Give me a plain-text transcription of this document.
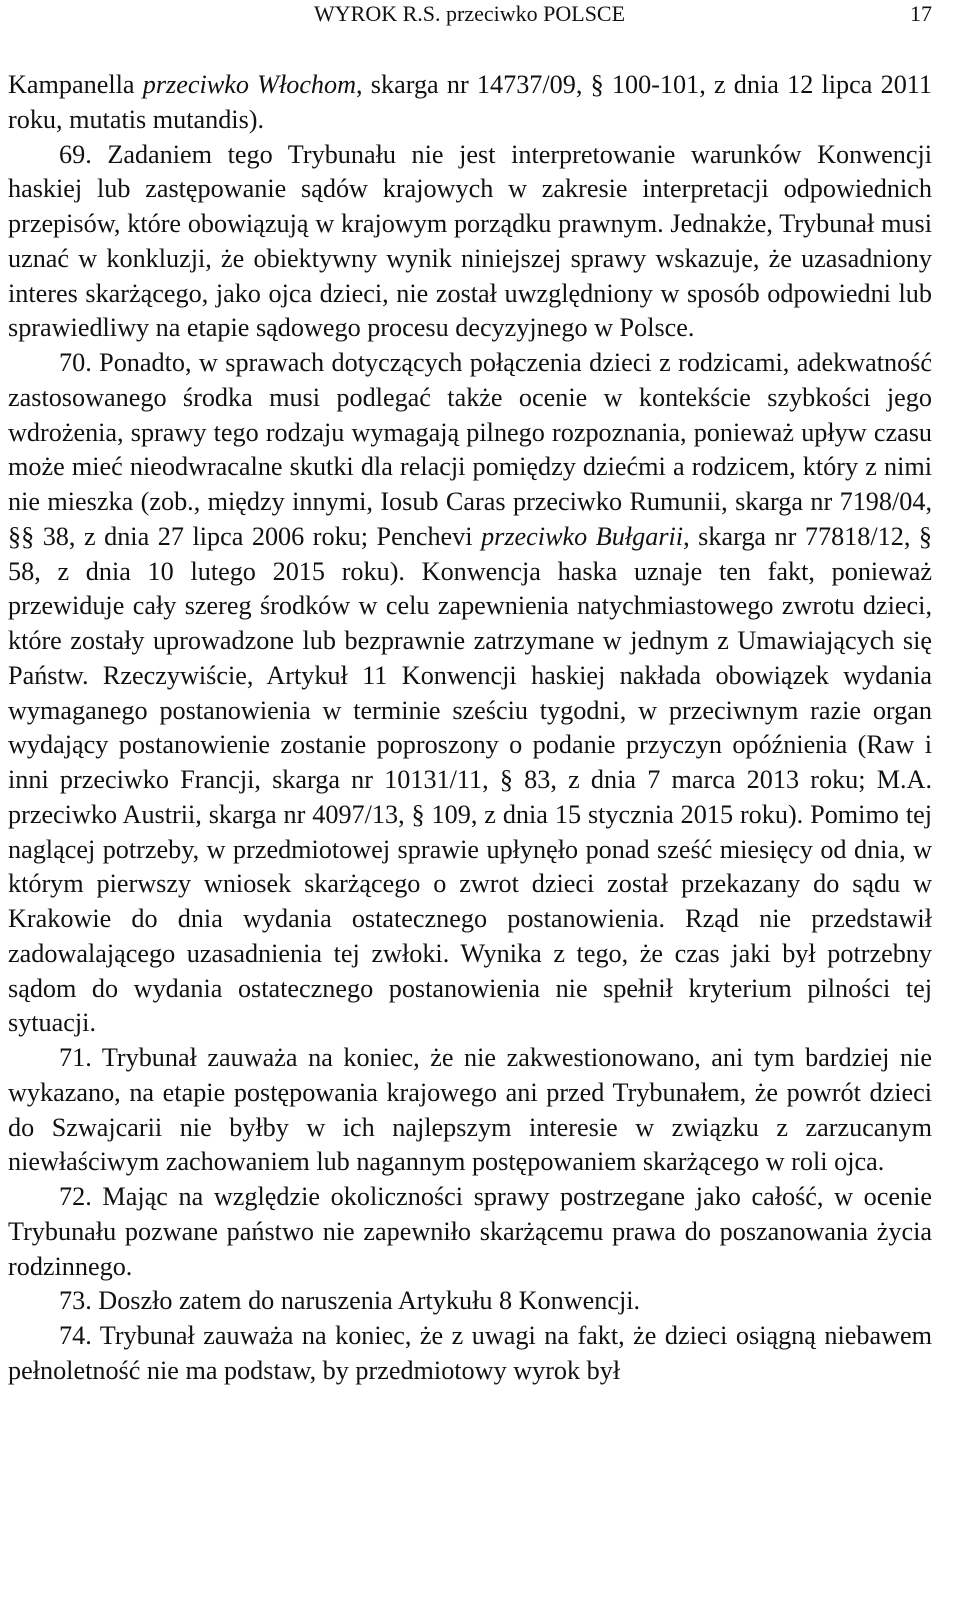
WYROK R.S. przeciwko POLSCE	17

Kampanella przeciwko Włochom, skarga nr 14737/09, § 100-101, z dnia 12 lipca 2011 roku, mutatis mutandis).

69. Zadaniem tego Trybunału nie jest interpretowanie warunków Konwencji haskiej lub zastępowanie sądów krajowych w zakresie interpretacji odpowiednich przepisów, które obowiązują w krajowym porządku prawnym. Jednakże, Trybunał musi uznać w konkluzji, że obiektywny wynik niniejszej sprawy wskazuje, że uzasadniony interes skarżącego, jako ojca dzieci, nie został uwzględniony w sposób odpowiedni lub sprawiedliwy na etapie sądowego procesu decyzyjnego w Polsce.

70. Ponadto, w sprawach dotyczących połączenia dzieci z rodzicami, adekwatność zastosowanego środka musi podlegać także ocenie w kontekście szybkości jego wdrożenia, sprawy tego rodzaju wymagają pilnego rozpoznania, ponieważ upływ czasu może mieć nieodwracalne skutki dla relacji pomiędzy dziećmi a rodzicem, który z nimi nie mieszka (zob., między innymi, Iosub Caras przeciwko Rumunii, skarga nr 7198/04, §§ 38, z dnia 27 lipca 2006 roku; Penchevi przeciwko Bułgarii, skarga nr 77818/12, § 58, z dnia 10 lutego 2015 roku). Konwencja haska uznaje ten fakt, ponieważ przewiduje cały szereg środków w celu zapewnienia natychmiastowego zwrotu dzieci, które zostały uprowadzone lub bezprawnie zatrzymane w jednym z Umawiających się Państw. Rzeczywiście, Artykuł 11 Konwencji haskiej nakłada obowiązek wydania wymaganego postanowienia w terminie sześciu tygodni, w przeciwnym razie organ wydający postanowienie zostanie poproszony o podanie przyczyn opóźnienia (Raw i inni przeciwko Francji, skarga nr 10131/11, § 83, z dnia 7 marca 2013 roku; M.A. przeciwko Austrii, skarga nr 4097/13, § 109, z dnia 15 stycznia 2015 roku). Pomimo tej naglącej potrzeby, w przedmiotowej sprawie upłynęło ponad sześć miesięcy od dnia, w którym pierwszy wniosek skarżącego o zwrot dzieci został przekazany do sądu w Krakowie do dnia wydania ostatecznego postanowienia. Rząd nie przedstawił zadowalającego uzasadnienia tej zwłoki. Wynika z tego, że czas jaki był potrzebny sądom do wydania ostatecznego postanowienia nie spełnił kryterium pilności tej sytuacji.

71. Trybunał zauważa na koniec, że nie zakwestionowano, ani tym bardziej nie wykazano, na etapie postępowania krajowego ani przed Trybunałem, że powrót dzieci do Szwajcarii nie byłby w ich najlepszym interesie w związku z zarzucanym niewłaściwym zachowaniem lub nagannym postępowaniem skarżącego w roli ojca.

72. Mając na względzie okoliczności sprawy postrzegane jako całość, w ocenie Trybunału pozwane państwo nie zapewniło skarżącemu prawa do poszanowania życia rodzinnego.

73. Doszło zatem do naruszenia Artykułu 8 Konwencji.

74. Trybunał zauważa na koniec, że z uwagi na fakt, że dzieci osiągną niebawem pełnoletność nie ma podstaw, by przedmiotowy wyrok był
